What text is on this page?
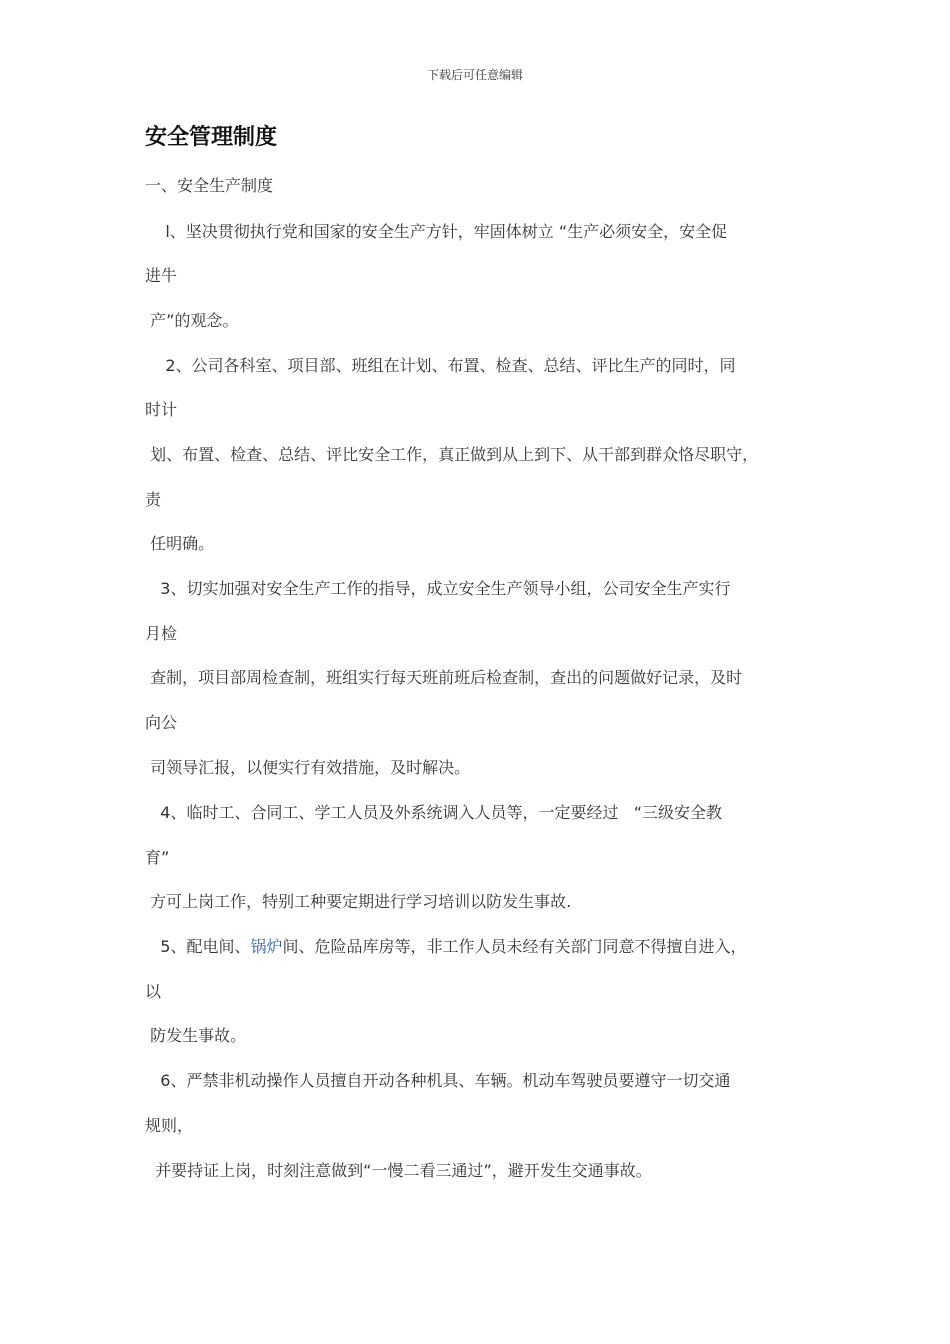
下载后可任意编辑
安全管理制度
一、安全生产制度
l、坚决贯彻执行党和国家的安全生产方针，牢固体树立 “生产必须安全，安全促
进牛
产”的观念。
2、公司各科室、项目部、班组在计划、布置、检查、总结、评比生产的同时，同
时计
划、布置、检查、总结、评比安全工作，真正做到从上到下、从干部到群众恪尽职守，
责
任明确。
3、切实加强对安全生产工作的指导，成立安全生产领导小组，公司安全生产实行
月检
查制，项目部周检查制，班组实行每天班前班后检查制，查出的问题做好记录，及时
向公
司领导汇报，以便实行有效措施，及时解决。
4、临时工、合同工、学工人员及外系统调入人员等，一定要经过   “三级安全教
育”
方可上岗工作，特别工种要定期进行学习培训以防发生事故.
5、配电间、锅炉间、危险品库房等，非工作人员未经有关部门同意不得擅自进入，
以
防发生事故。
6、严禁非机动操作人员擅自开动各种机具、车辆。机动车驾驶员要遵守一切交通
规则，
并要持证上岗，时刻注意做到“一慢二看三通过”，避开发生交通事故。
